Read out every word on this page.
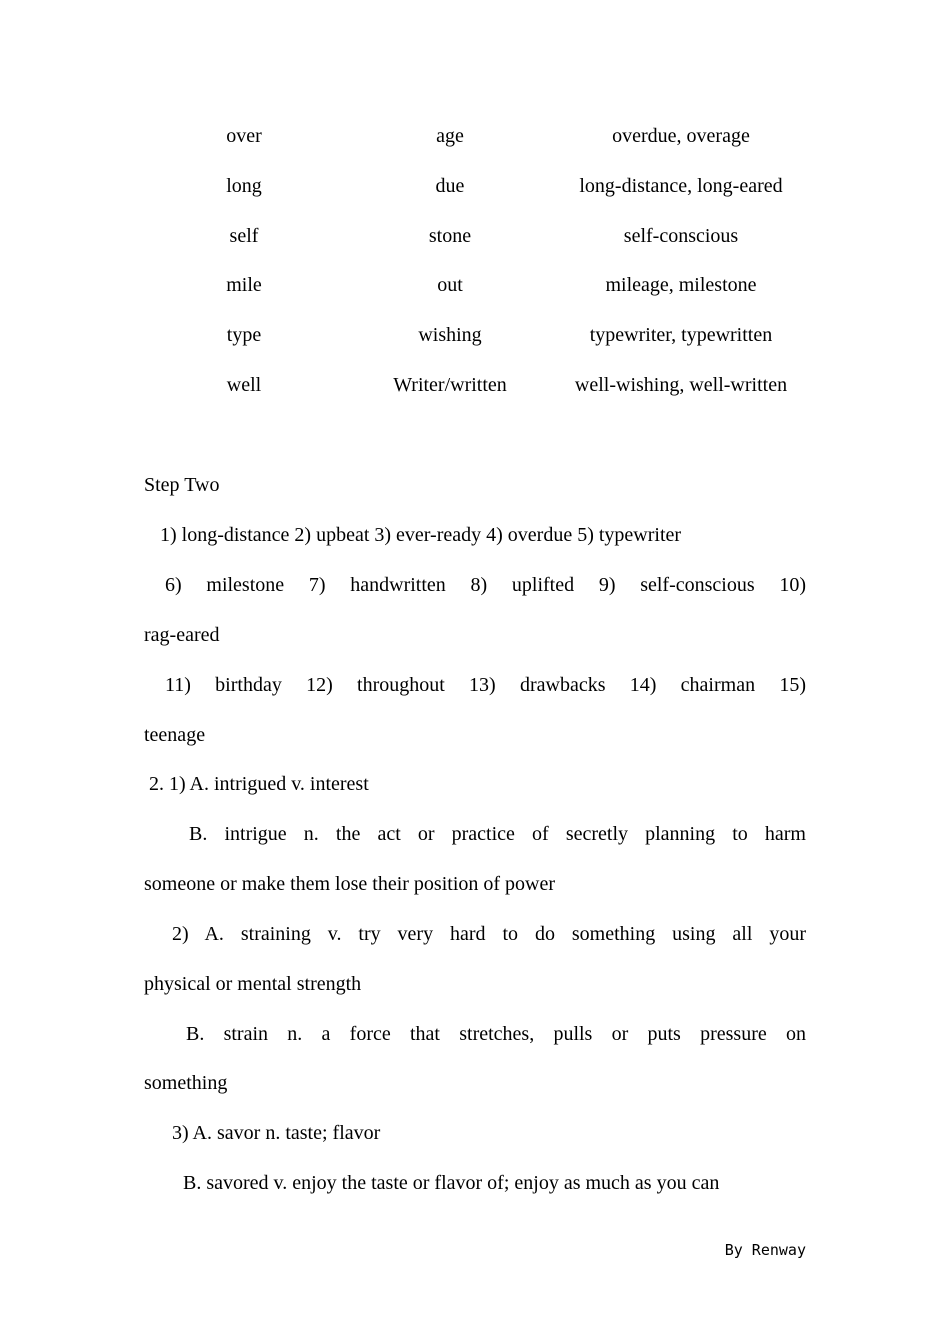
over	age	overdue, overage
long	due	long-distance, long-eared
self	stone	self-conscious
mile	out	mileage, milestone
type	wishing	typewriter, typewritten
well	Writer/written	well-wishing, well-written
Step Two
1) long-distance 2) upbeat 3) ever-ready 4) overdue 5) typewriter
6) milestone 7) handwritten 8) uplifted 9) self-conscious 10)
rag-eared
11) birthday 12) throughout 13) drawbacks 14) chairman 15)
teenage
2. 1) A. intrigued v. interest
B. intrigue n. the act or practice of secretly planning to harm
someone or make them lose their position of power
2) A. straining v. try very hard to do something using all your
physical or mental strength
B. strain n. a force that stretches, pulls or puts pressure on
something
3) A. savor n. taste; flavor
B. savored v. enjoy the taste or flavor of; enjoy as much as you can
By Renway
